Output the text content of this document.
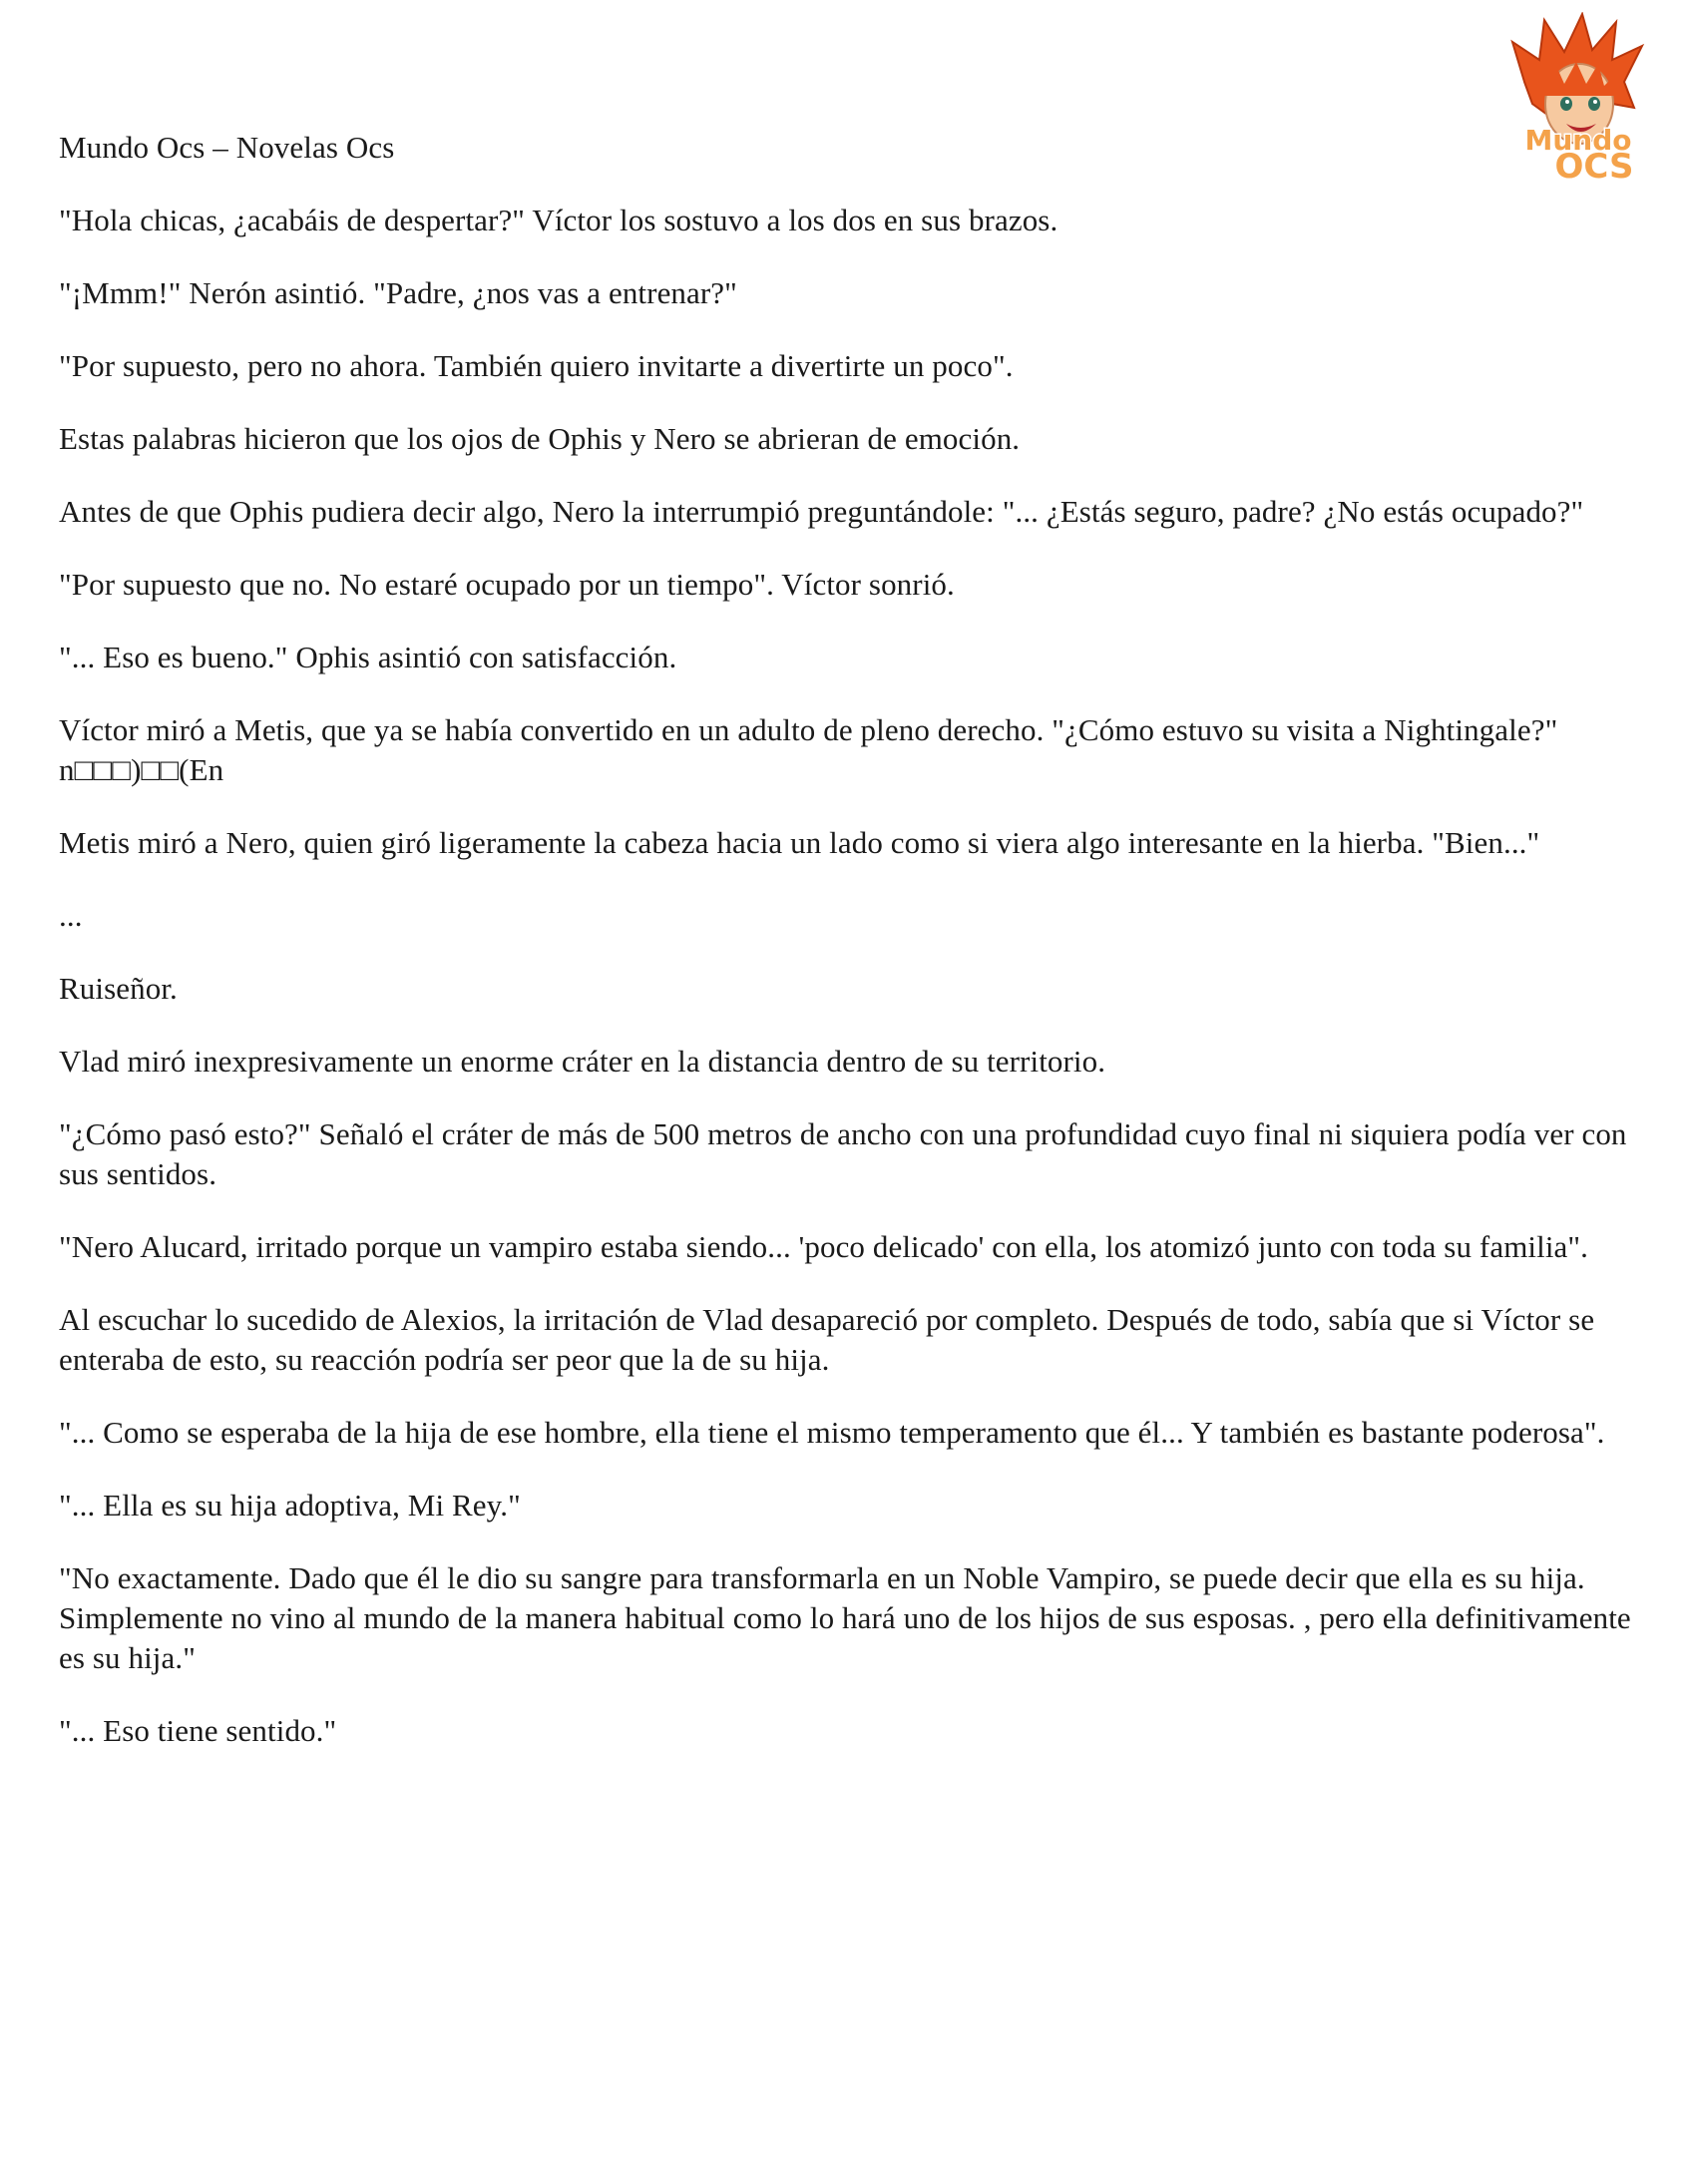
Mundo
OCS

Mundo Ocs – Novelas Ocs

"Hola chicas, ¿acabáis de despertar?" Víctor los sostuvo a los dos en sus brazos.

"¡Mmm!" Nerón asintió. "Padre, ¿nos vas a entrenar?"

"Por supuesto, pero no ahora. También quiero invitarte a divertirte un poco".

Estas palabras hicieron que los ojos de Ophis y Nero se abrieran de emoción.

Antes de que Ophis pudiera decir algo, Nero la interrumpió preguntándole: "... ¿Estás seguro, padre? ¿No estás ocupado?"

"Por supuesto que no. No estaré ocupado por un tiempo". Víctor sonrió.

"... Eso es bueno." Ophis asintió con satisfacción.

Víctor miró a Metis, que ya se había convertido en un adulto de pleno derecho. "¿Cómo estuvo su visita a Nightingale?" n□□□)□□(En

Metis miró a Nero, quien giró ligeramente la cabeza hacia un lado como si viera algo interesante en la hierba. "Bien..."

...

Ruiseñor.

Vlad miró inexpresivamente un enorme cráter en la distancia dentro de su territorio.

"¿Cómo pasó esto?" Señaló el cráter de más de 500 metros de ancho con una profundidad cuyo final ni siquiera podía ver con sus sentidos.

"Nero Alucard, irritado porque un vampiro estaba siendo... 'poco delicado' con ella, los atomizó junto con toda su familia".

Al escuchar lo sucedido de Alexios, la irritación de Vlad desapareció por completo. Después de todo, sabía que si Víctor se enteraba de esto, su reacción podría ser peor que la de su hija.

"... Como se esperaba de la hija de ese hombre, ella tiene el mismo temperamento que él... Y también es bastante poderosa".

"... Ella es su hija adoptiva, Mi Rey."

"No exactamente. Dado que él le dio su sangre para transformarla en un Noble Vampiro, se puede decir que ella es su hija. Simplemente no vino al mundo de la manera habitual como lo hará uno de los hijos de sus esposas. , pero ella definitivamente es su hija."

"... Eso tiene sentido."
